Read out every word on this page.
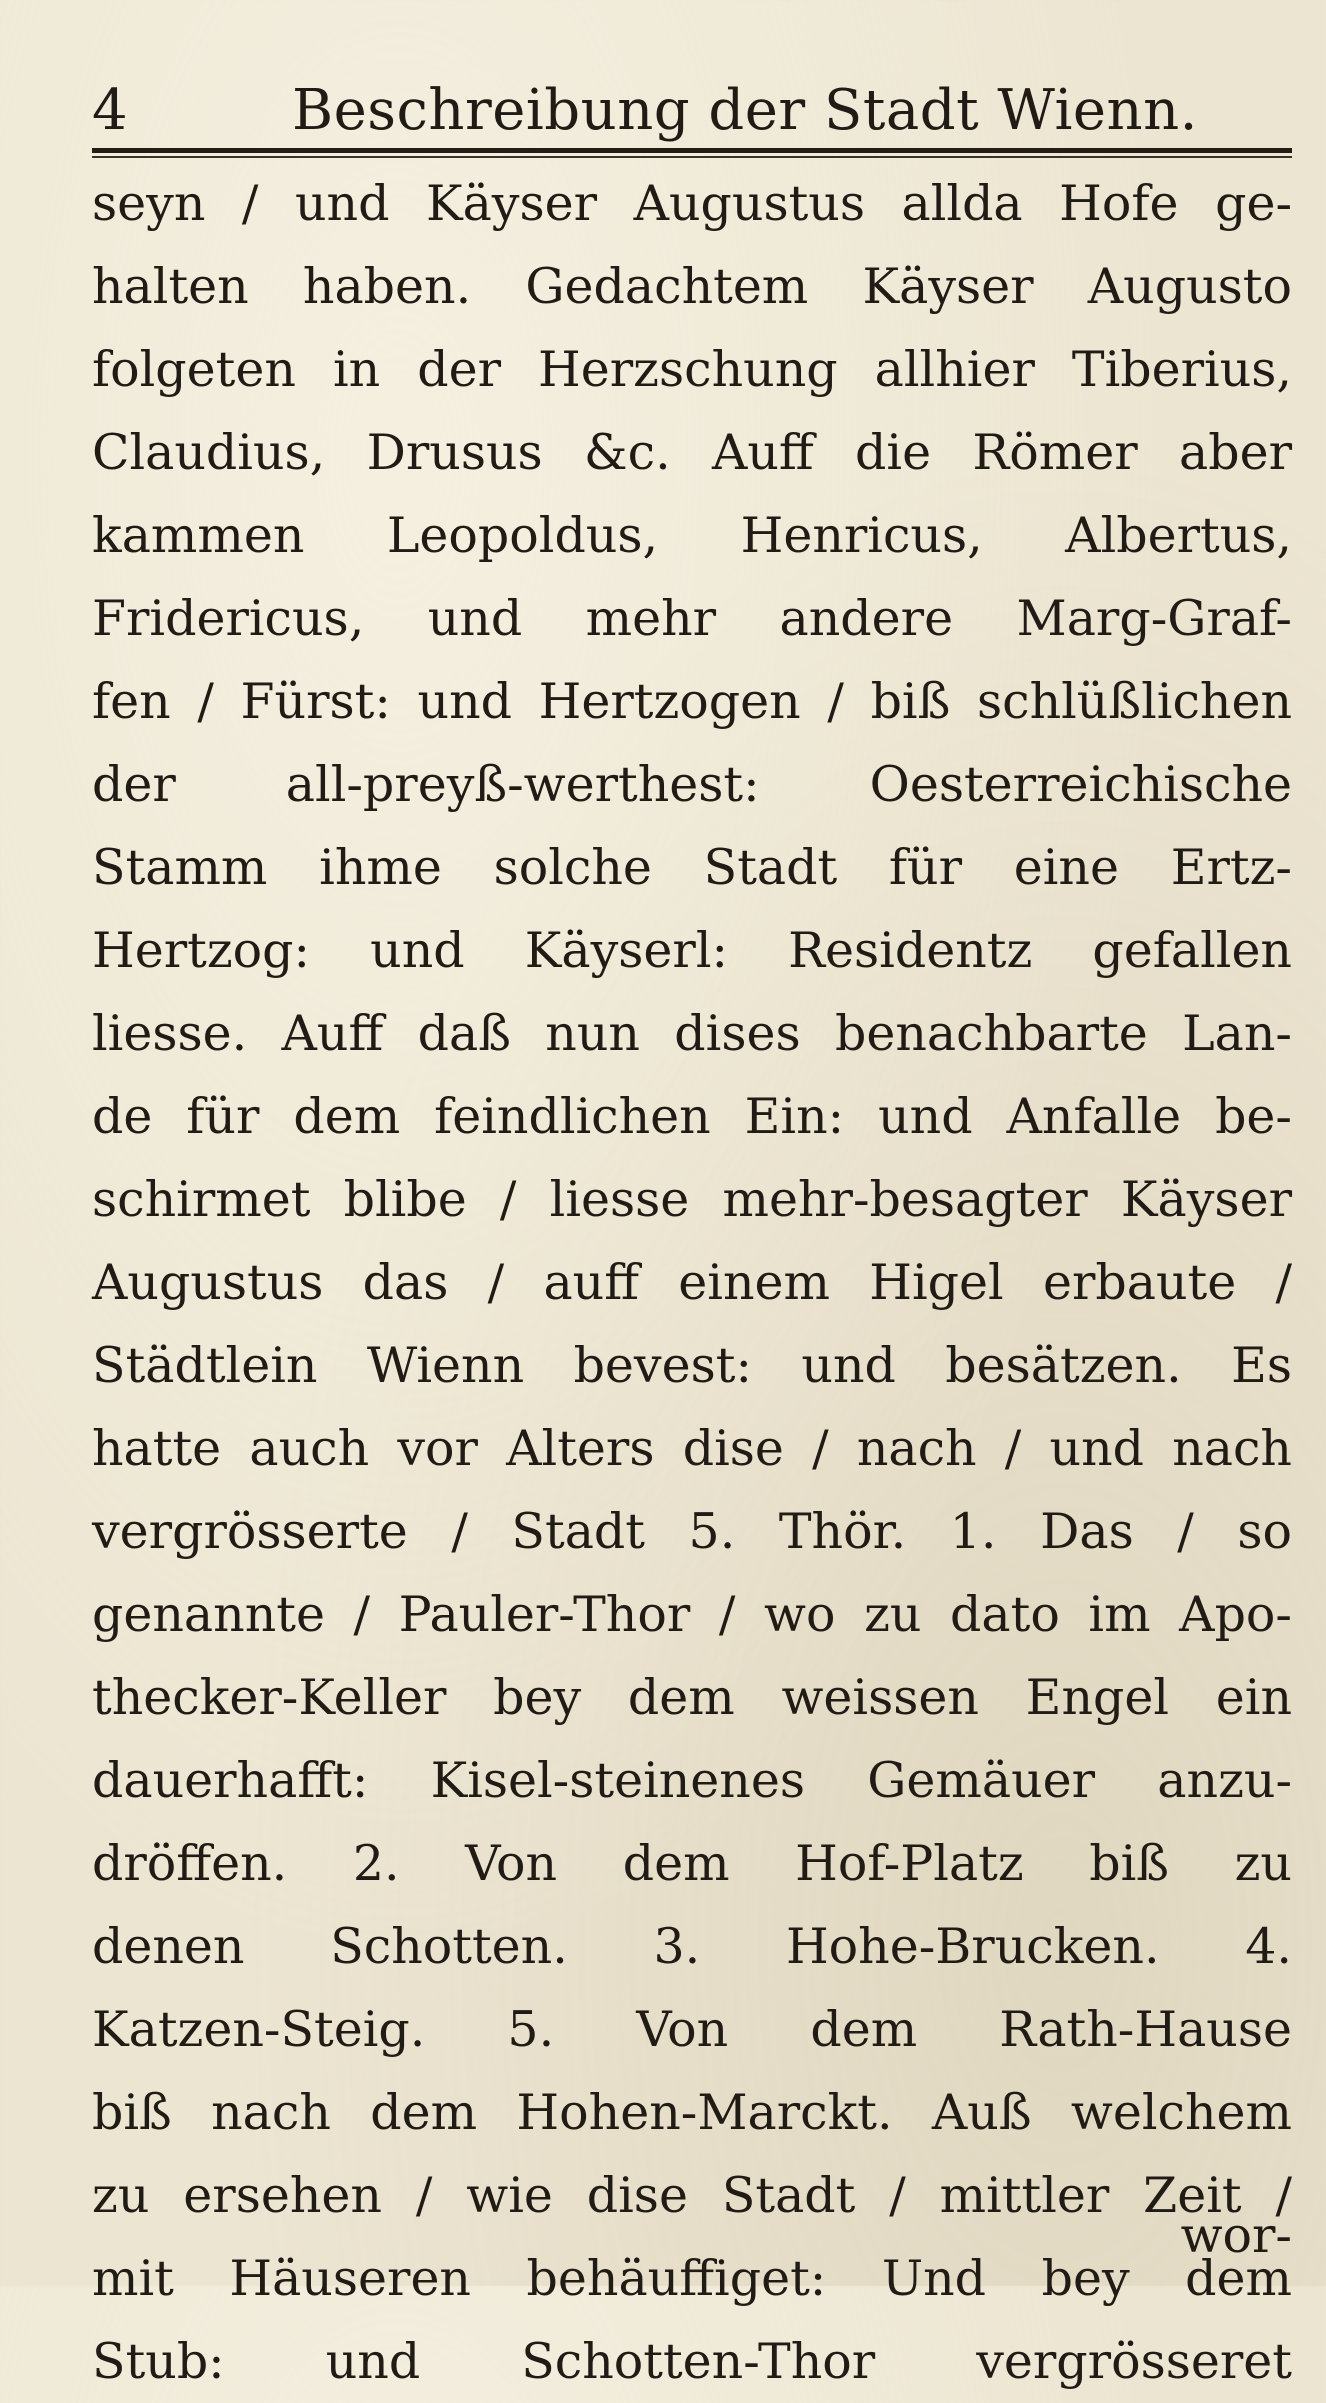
4	Beschreibung der Stadt Wienn.
seyn / und Käyser Augustus allda Hofe ge-
halten haben. Gedachtem Käyser Augusto
folgeten in der Herzschung allhier Tiberius,
Claudius, Drusus &c. Auff die Römer aber
kammen Leopoldus, Henricus, Albertus,
Fridericus, und mehr andere Marg-Graf-
fen / Fürst: und Hertzogen / biß schlüßlichen
der all-preyß-werthest: Oesterreichische
Stamm ihme solche Stadt für eine Ertz-
Hertzog: und Käyserl: Residentz gefallen
liesse. Auff daß nun dises benachbarte Lan-
de für dem feindlichen Ein: und Anfalle be-
schirmet blibe / liesse mehr-besagter Käyser
Augustus das / auff einem Higel erbaute /
Städtlein Wienn bevest: und besätzen. Es
hatte auch vor Alters dise / nach / und nach
vergrösserte / Stadt 5. Thör. 1. Das / so
genannte / Pauler-Thor / wo zu dato im Apo-
thecker-Keller bey dem weissen Engel ein
dauerhafft: Kisel-steinenes Gemäuer anzu-
dröffen. 2. Von dem Hof-Platz biß zu
denen Schotten. 3. Hohe-Brucken. 4.
Katzen-Steig. 5. Von dem Rath-Hause
biß nach dem Hohen-Marckt. Auß welchem
zu ersehen / wie dise Stadt / mittler Zeit /
mit Häuseren behäuffiget: Und bey dem
Stub: und Schotten-Thor vergrösseret
wor-
